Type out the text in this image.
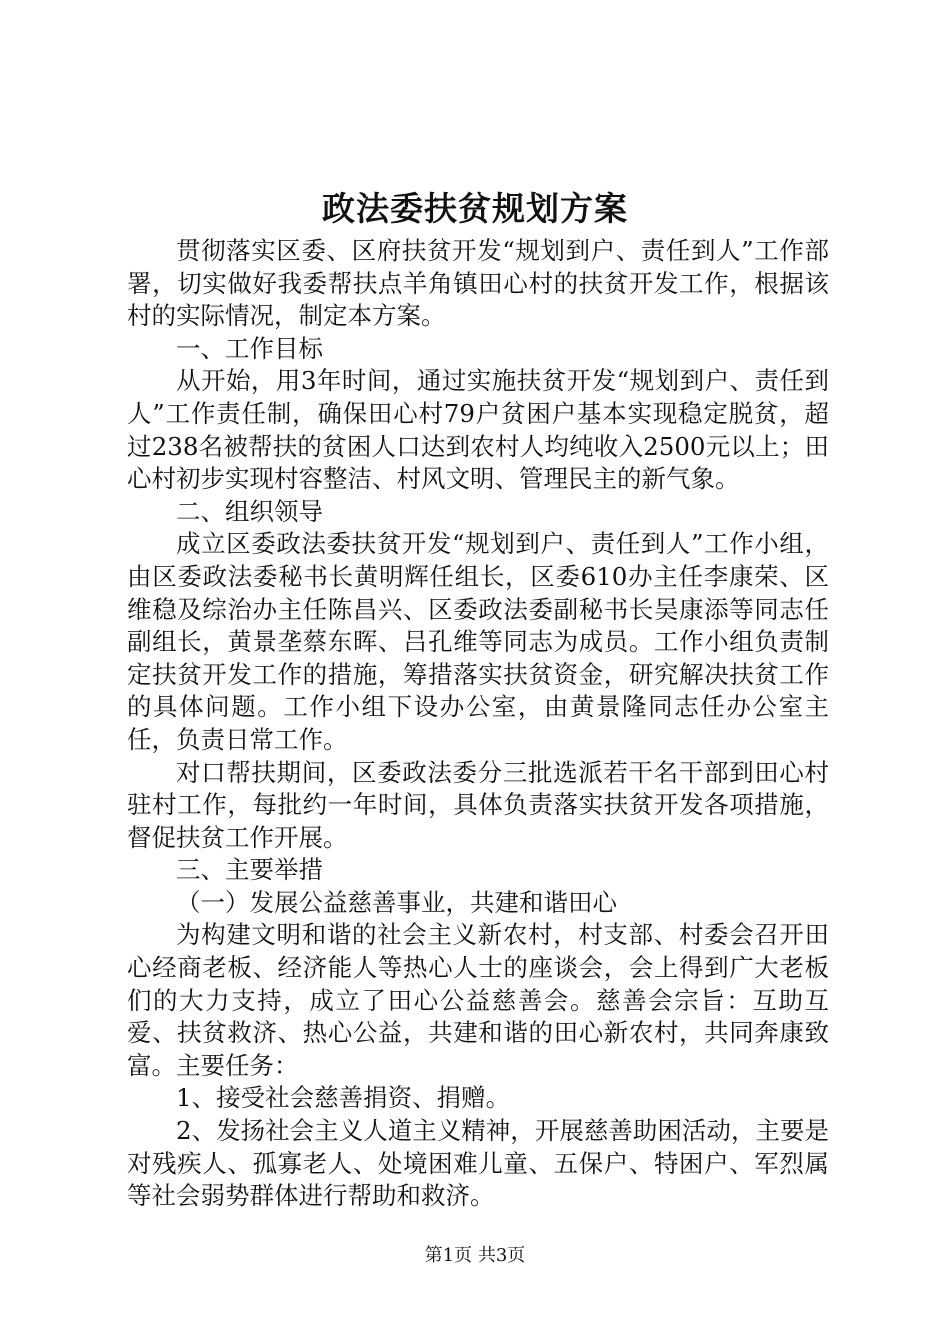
政法委扶贫规划方案

贯彻落实区委、区府扶贫开发“规划到户、责任到人”工作部署，切实做好我委帮扶点羊角镇田心村的扶贫开发工作，根据该村的实际情况，制定本方案。

一、工作目标

从开始，用3年时间，通过实施扶贫开发“规划到户、责任到人”工作责任制，确保田心村79户贫困户基本实现稳定脱贫，超过238名被帮扶的贫困人口达到农村人均纯收入2500元以上；田心村初步实现村容整洁、村风文明、管理民主的新气象。

二、组织领导

成立区委政法委扶贫开发“规划到户、责任到人”工作小组，由区委政法委秘书长黄明辉任组长，区委610办主任李康荣、区维稳及综治办主任陈昌兴、区委政法委副秘书长吴康添等同志任副组长，黄景垄蔡东晖、吕孔维等同志为成员。工作小组负责制定扶贫开发工作的措施，筹措落实扶贫资金，研究解决扶贫工作的具体问题。工作小组下设办公室，由黄景隆同志任办公室主任，负责日常工作。

对口帮扶期间，区委政法委分三批选派若干名干部到田心村驻村工作，每批约一年时间，具体负责落实扶贫开发各项措施，督促扶贫工作开展。

三、主要举措

（一）发展公益慈善事业，共建和谐田心

为构建文明和谐的社会主义新农村，村支部、村委会召开田心经商老板、经济能人等热心人士的座谈会，会上得到广大老板们的大力支持，成立了田心公益慈善会。慈善会宗旨：互助互爱、扶贫救济、热心公益，共建和谐的田心新农村，共同奔康致富。主要任务：

1、接受社会慈善捐资、捐赠。

2、发扬社会主义人道主义精神，开展慈善助困活动，主要是对残疾人、孤寡老人、处境困难儿童、五保户、特困户、军烈属等社会弱势群体进行帮助和救济。

第1页 共3页
